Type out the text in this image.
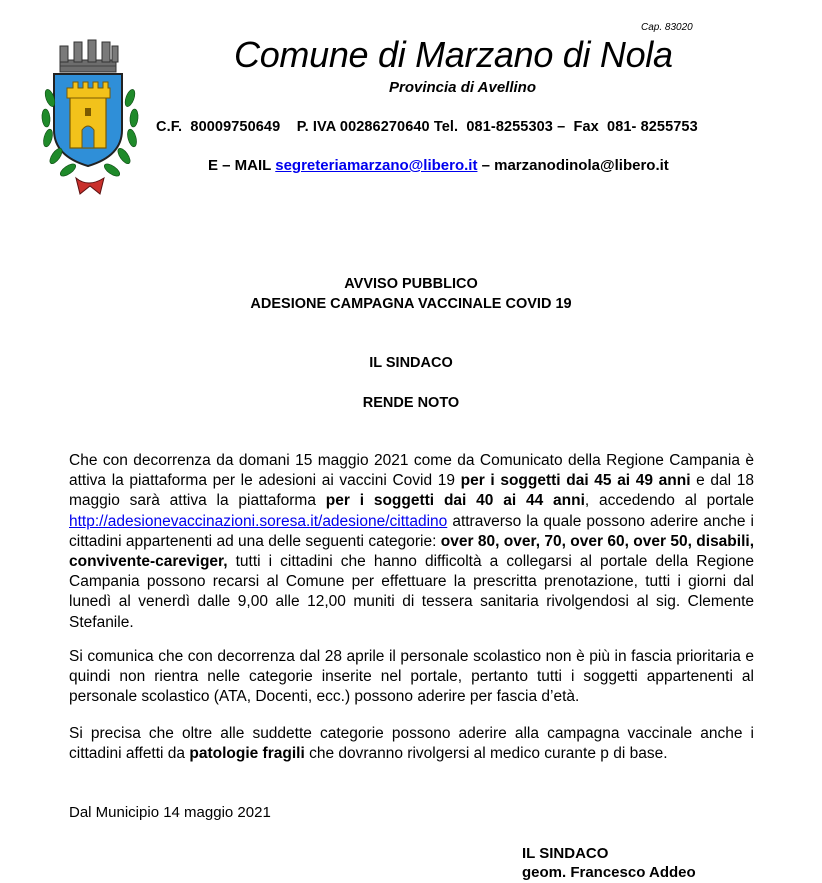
Cap. 83020
Comune di Marzano di Nola
Provincia di Avellino
C.F.  80009750649    P. IVA 00286270640 Tel.  081-8255303 –  Fax  081- 8255753
E – MAIL segreteriamarzano@libero.it – marzanodinola@libero.it
AVVISO PUBBLICO
ADESIONE CAMPAGNA VACCINALE COVID 19
IL SINDACO
RENDE NOTO
Che con decorrenza da domani 15 maggio 2021 come da Comunicato della Regione Campania è attiva la piattaforma per le adesioni ai vaccini Covid 19 per i soggetti dai 45 ai 49 anni e dal 18 maggio sarà attiva la piattaforma per i soggetti dai 40 ai 44 anni, accedendo al portale http://adesionevaccinazioni.soresa.it/adesione/cittadino attraverso la quale possono aderire anche i cittadini appartenenti ad una delle seguenti categorie: over 80, over, 70, over 60, over 50, disabili, convivente-careviger, tutti i cittadini che hanno difficoltà a collegarsi al portale della Regione Campania possono recarsi al Comune per effettuare la prescritta prenotazione, tutti i giorni dal lunedì al venerdì dalle 9,00 alle 12,00 muniti di tessera sanitaria rivolgendosi al sig. Clemente Stefanile.
Si comunica che con decorrenza dal 28 aprile il personale scolastico non è più in fascia prioritaria e quindi non rientra nelle categorie inserite nel portale, pertanto tutti i soggetti appartenenti al personale scolastico (ATA, Docenti, ecc.) possono aderire per fascia d’età.
Si precisa che oltre alle suddette categorie possono aderire alla campagna vaccinale anche i cittadini affetti da patologie fragili che dovranno rivolgersi al medico curante p di base.
Dal Municipio 14 maggio 2021
IL SINDACO
geom. Francesco Addeo
